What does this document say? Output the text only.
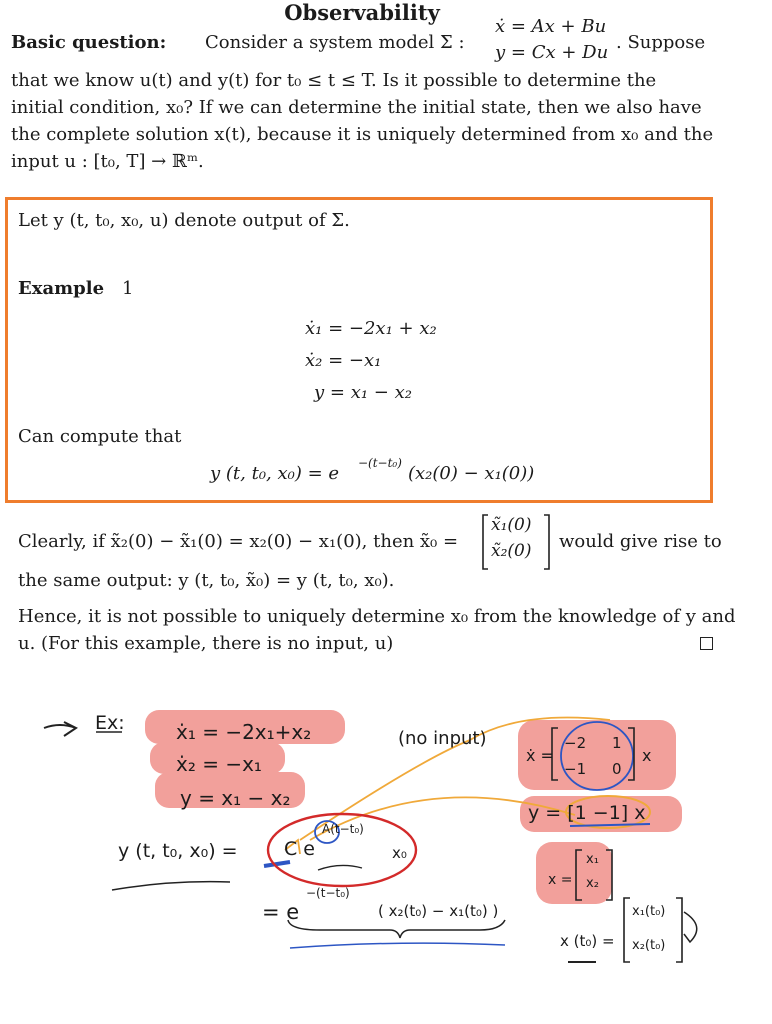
Observability
Basic question: Consider a system model Σ :
ẋ = Ax + Bu
y = Cx + Du . Suppose
that we know u(t) and y(t) for t₀ ≤ t ≤ T. Is it possible to determine the
initial condition, x₀? If we can determine the initial state, then we also have
the complete solution x(t), because it is uniquely determined from x₀ and the
input u : [t₀, T] → ℝᵐ.
Let y (t, t₀, x₀, u) denote output of Σ.
Example 1
ẋ₁ = −2x₁ + x₂
ẋ₂ = −x₁
y = x₁ − x₂
Can compute that
y (t, t₀, x₀) = e −(t−t₀) (x₂(0) − x₁(0))
Clearly, if x̃₂(0) − x̃₁(0) = x₂(0) − x₁(0), then x̃₀ =
x̃₁(0)
x̃₂(0) would give rise to
the same output: y (t, t₀, x̃₀) = y (t, t₀, x₀).
Hence, it is not possible to uniquely determine x₀ from the knowledge of y and
u. (For this example, there is no input, u)
Ex:
(no input)
ẋ₁ = −2x₁+x₂
ẋ₂ = −x₁
y = x₁ − x₂
ẋ =
−2 1
−1 0
x
y = [1 −1] x
x =
x₁
x₂
y (t, t₀, x₀) = C e
A(t−t₀)
x₀
= e
−(t−t₀)
( x₂(t₀) − x₁(t₀) )
x (t₀) =
x₁(t₀)
x₂(t₀)
